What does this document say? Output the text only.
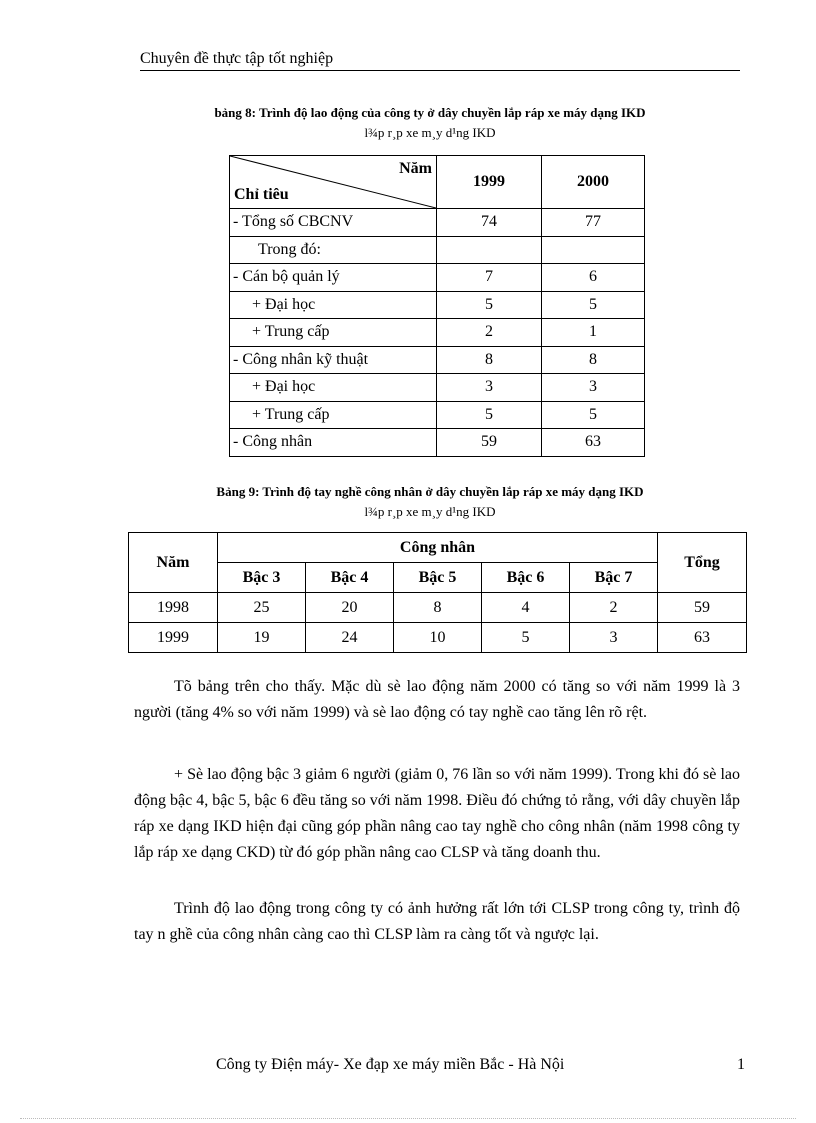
Chuyên đề thực tập tốt nghiệp
bảng 8: Trình độ lao động của công ty ở dây chuyền lắp ráp xe máy dạng IKD
l¾p r¸p xe m¸y d¹ng IKD
Năm
Chỉ tiêu	1999	2000
- Tổng số CBCNV	74	77
Trong đó:		
- Cán bộ quản lý	7	6
+ Đại học	5	5
+ Trung cấp	2	1
- Công nhân kỹ thuật	8	8
+ Đại học	3	3
+ Trung cấp	5	5
- Công nhân	59	63
Bảng 9: Trình độ tay nghề công nhân ở dây chuyền lắp ráp xe máy dạng IKD
l¾p r¸p xe m¸y d¹ng IKD
Năm	Công nhân					Tổng
	Bậc 3	Bậc 4	Bậc 5	Bậc 6	Bậc 7	
1998	25	20	8	4	2	59
1999	19	24	10	5	3	63

Tõ bảng trên cho thấy. Mặc dù sè lao động năm 2000 có tăng so với năm 1999 là 3 người (tăng 4% so với năm 1999) và sè lao động có tay nghề cao tăng lên rõ rệt.

+ Sè lao động bậc 3 giảm 6 người (giảm 0, 76 lần so với năm 1999). Trong khi đó sè lao động bậc 4, bậc 5, bậc 6 đều tăng so với năm 1998. Điều đó chứng tỏ rằng, với dây chuyền lắp ráp xe dạng IKD hiện đại cũng góp phần nâng cao tay nghề cho công nhân (năm 1998 công ty lắp ráp xe dạng CKD) từ đó góp phần nâng cao CLSP và tăng doanh thu.

Trình độ lao động trong công ty có ảnh hưởng rất lớn tới CLSP trong công ty, trình độ tay n ghề của công nhân càng cao thì CLSP làm ra càng tốt và ngược lại.

Công ty Điện máy- Xe đạp xe máy miền Bắc - Hà Nội	1
